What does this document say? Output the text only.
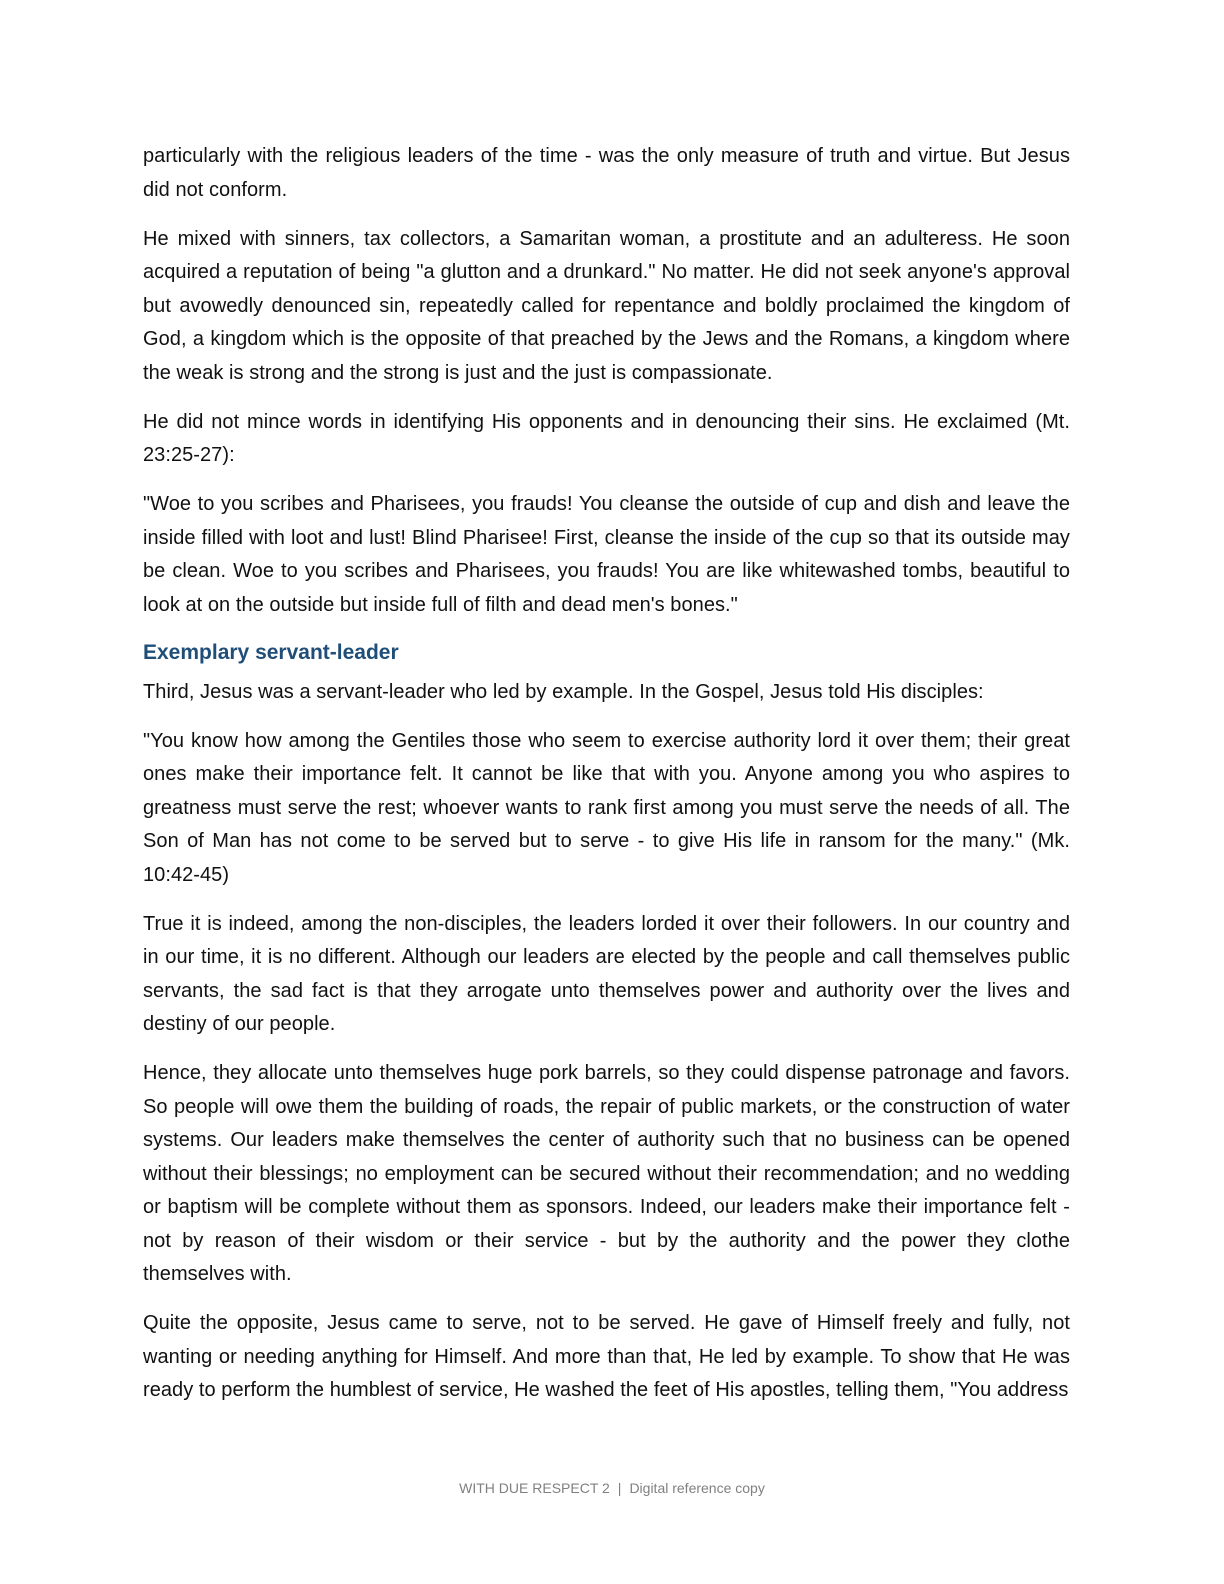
particularly with the religious leaders of the time - was the only measure of truth and virtue. But Jesus did not conform.

He mixed with sinners, tax collectors, a Samaritan woman, a prostitute and an adulteress. He soon acquired a reputation of being "a glutton and a drunkard." No matter. He did not seek anyone's approval but avowedly denounced sin, repeatedly called for repentance and boldly proclaimed the kingdom of God, a kingdom which is the opposite of that preached by the Jews and the Romans, a kingdom where the weak is strong and the strong is just and the just is compassionate.

He did not mince words in identifying His opponents and in denouncing their sins. He exclaimed (Mt. 23:25-27):

"Woe to you scribes and Pharisees, you frauds! You cleanse the outside of cup and dish and leave the inside filled with loot and lust! Blind Pharisee! First, cleanse the inside of the cup so that its outside may be clean. Woe to you scribes and Pharisees, you frauds! You are like whitewashed tombs, beautiful to look at on the outside but inside full of filth and dead men's bones."

Exemplary servant-leader

Third, Jesus was a servant-leader who led by example. In the Gospel, Jesus told His disciples:

"You know how among the Gentiles those who seem to exercise authority lord it over them; their great ones make their importance felt. It cannot be like that with you. Anyone among you who aspires to greatness must serve the rest; whoever wants to rank first among you must serve the needs of all. The Son of Man has not come to be served but to serve - to give His life in ransom for the many." (Mk. 10:42-45)

True it is indeed, among the non-disciples, the leaders lorded it over their followers. In our country and in our time, it is no different. Although our leaders are elected by the people and call themselves public servants, the sad fact is that they arrogate unto themselves power and authority over the lives and destiny of our people.

Hence, they allocate unto themselves huge pork barrels, so they could dispense patronage and favors. So people will owe them the building of roads, the repair of public markets, or the construction of water systems. Our leaders make themselves the center of authority such that no business can be opened without their blessings; no employment can be secured without their recommendation; and no wedding or baptism will be complete without them as sponsors. Indeed, our leaders make their importance felt - not by reason of their wisdom or their service - but by the authority and the power they clothe themselves with.

Quite the opposite, Jesus came to serve, not to be served. He gave of Himself freely and fully, not wanting or needing anything for Himself. And more than that, He led by example. To show that He was ready to perform the humblest of service, He washed the feet of His apostles, telling them, "You address

WITH DUE RESPECT 2 | Digital reference copy
